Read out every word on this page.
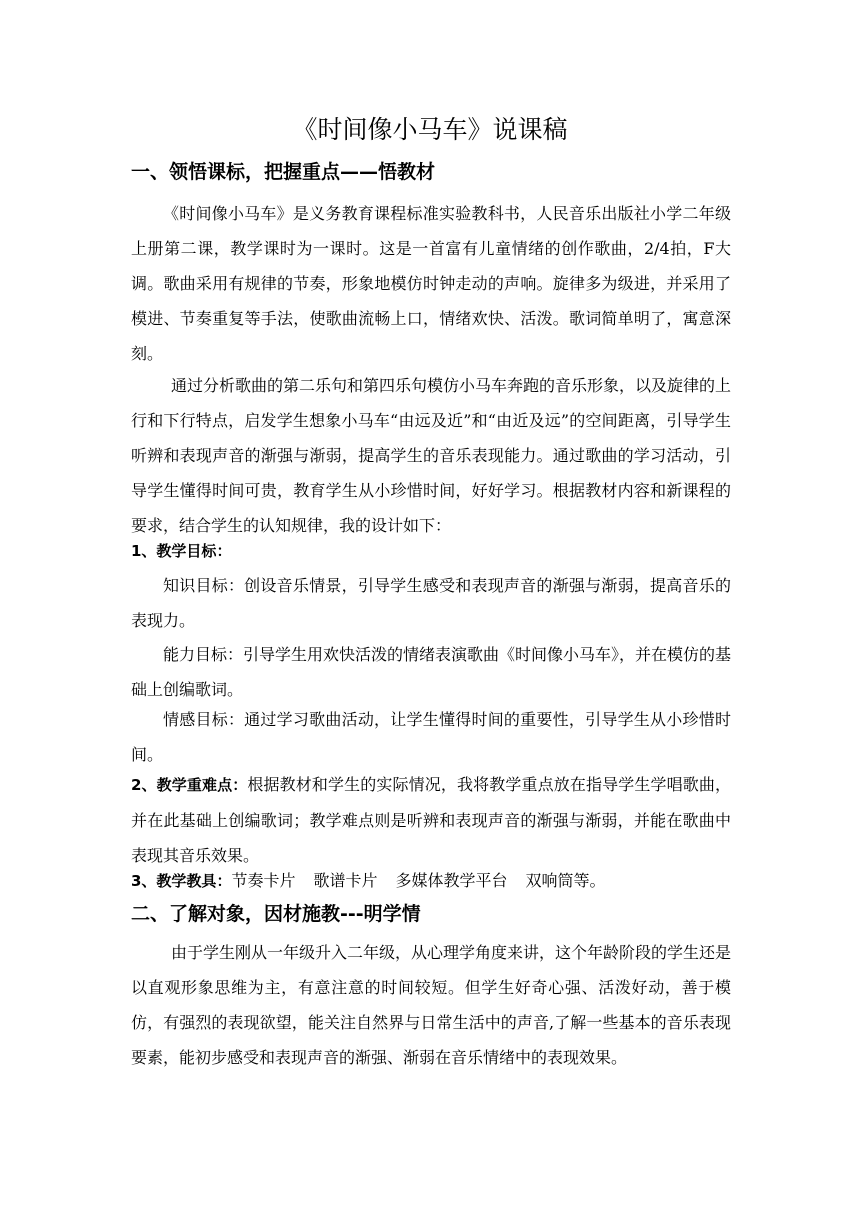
《时间像小马车》说课稿
一、领悟课标，把握重点——悟教材

《时间像小马车》是义务教育课程标准实验教科书，人民音乐出版社小学二年级上册第二课，教学课时为一课时。这是一首富有儿童情绪的创作歌曲，2/4拍，F大调。歌曲采用有规律的节奏，形象地模仿时钟走动的声响。旋律多为级进，并采用了模进、节奏重复等手法，使歌曲流畅上口，情绪欢快、活泼。歌词简单明了，寓意深刻。

通过分析歌曲的第二乐句和第四乐句模仿小马车奔跑的音乐形象，以及旋律的上行和下行特点，启发学生想象小马车“由远及近”和“由近及远”的空间距离，引导学生听辨和表现声音的渐强与渐弱，提高学生的音乐表现能力。通过歌曲的学习活动，引导学生懂得时间可贵，教育学生从小珍惜时间，好好学习。根据教材内容和新课程的要求，结合学生的认知规律，我的设计如下：

1、教学目标：

知识目标：创设音乐情景，引导学生感受和表现声音的渐强与渐弱，提高音乐的表现力。

能力目标：引导学生用欢快活泼的情绪表演歌曲《时间像小马车》，并在模仿的基础上创编歌词。

情感目标：通过学习歌曲活动，让学生懂得时间的重要性，引导学生从小珍惜时间。

2、教学重难点：根据教材和学生的实际情况，我将教学重点放在指导学生学唱歌曲，并在此基础上创编歌词；教学难点则是听辨和表现声音的渐强与渐弱，并能在歌曲中表现其音乐效果。

3、教学教具：节奏卡片 歌谱卡片 多媒体教学平台 双响筒等。

二、了解对象，因材施教---明学情

由于学生刚从一年级升入二年级，从心理学角度来讲，这个年龄阶段的学生还是以直观形象思维为主，有意注意的时间较短。但学生好奇心强、活泼好动，善于模仿，有强烈的表现欲望，能关注自然界与日常生活中的声音,了解一些基本的音乐表现要素，能初步感受和表现声音的渐强、渐弱在音乐情绪中的表现效果。
